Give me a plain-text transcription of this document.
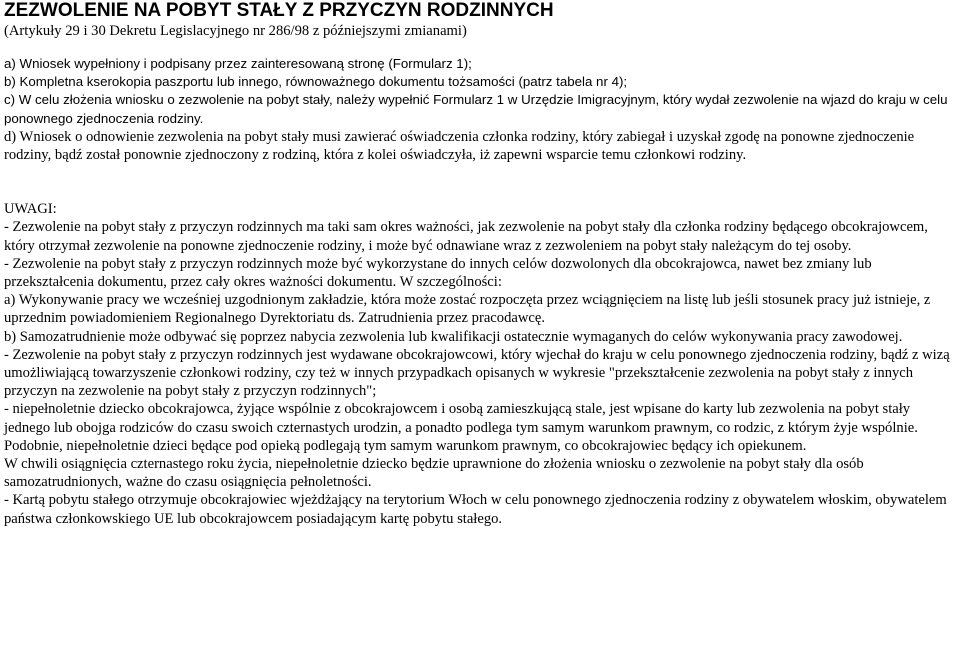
ZEZWOLENIE NA POBYT STAŁY Z PRZYCZYN RODZINNYCH
(Artykuły 29 i 30 Dekretu Legislacyjnego nr 286/98 z późniejszymi zmianami)

a) Wniosek wypełniony i podpisany przez zainteresowaną stronę (Formularz 1);

b) Kompletna kserokopia paszportu lub innego, równoważnego dokumentu tożsamości (patrz tabela nr 4);

c) W celu złożenia wniosku o zezwolenie na pobyt stały, należy wypełnić Formularz 1 w Urzędzie Imigracyjnym, który wydał zezwolenie na wjazd do kraju w celu ponownego zjednoczenia rodziny.

d) Wniosek o odnowienie zezwolenia na pobyt stały musi zawierać oświadczenia członka rodziny, który zabiegał i uzyskał zgodę na ponowne zjednoczenie rodziny, bądź został ponownie zjednoczony z rodziną, która z kolei oświadczyła, iż zapewni wsparcie temu członkowi rodziny.

UWAGI:

- Zezwolenie na pobyt stały z przyczyn rodzinnych ma taki sam okres ważności, jak zezwolenie na pobyt stały dla członka rodziny będącego obcokrajowcem, który otrzymał zezwolenie na ponowne zjednoczenie rodziny, i może być odnawiane wraz z zezwoleniem na pobyt stały należącym do tej osoby.

- Zezwolenie na pobyt stały z przyczyn rodzinnych może być wykorzystane do innych celów dozwolonych dla obcokrajowca, nawet bez zmiany lub przekształcenia dokumentu, przez cały okres ważności dokumentu. W szczególności:

a) Wykonywanie pracy we wcześniej uzgodnionym zakładzie, która może zostać rozpoczęta przez wciągnięciem na listę lub jeśli stosunek pracy już istnieje, z uprzednim powiadomieniem Regionalnego Dyrektoriatu ds. Zatrudnienia przez pracodawcę.

b) Samozatrudnienie może odbywać się poprzez nabycia zezwolenia lub kwalifikacji ostatecznie wymaganych do celów wykonywania pracy zawodowej.

- Zezwolenie na pobyt stały z przyczyn rodzinnych jest wydawane obcokrajowcowi, który wjechał do kraju w celu ponownego zjednoczenia rodziny, bądź z wizą umożliwiającą towarzyszenie członkowi rodziny, czy też w innych przypadkach opisanych w wykresie "przekształcenie zezwolenia na pobyt stały z innych przyczyn na zezwolenie na pobyt stały z przyczyn rodzinnych";

- niepełnoletnie dziecko obcokrajowca, żyjące wspólnie z obcokrajowcem i osobą zamieszkującą stale, jest wpisane do karty lub zezwolenia na pobyt stały jednego lub obojga rodziców do czasu swoich czternastych urodzin, a ponadto podlega tym samym warunkom prawnym, co rodzic, z którym żyje wspólnie.

Podobnie, niepełnoletnie dzieci będące pod opieką podlegają tym samym warunkom prawnym, co obcokrajowiec będący ich opiekunem.

W chwili osiągnięcia czternastego roku życia, niepełnoletnie dziecko będzie uprawnione do złożenia wniosku o zezwolenie na pobyt stały dla osób samozatrudnionych, ważne do czasu osiągnięcia pełnoletności.

- Kartą pobytu stałego otrzymuje obcokrajowiec wjeżdżający na terytorium Włoch w celu ponownego zjednoczenia rodziny z obywatelem włoskim, obywatelem państwa członkowskiego UE lub obcokrajowcem posiadającym kartę pobytu stałego.
